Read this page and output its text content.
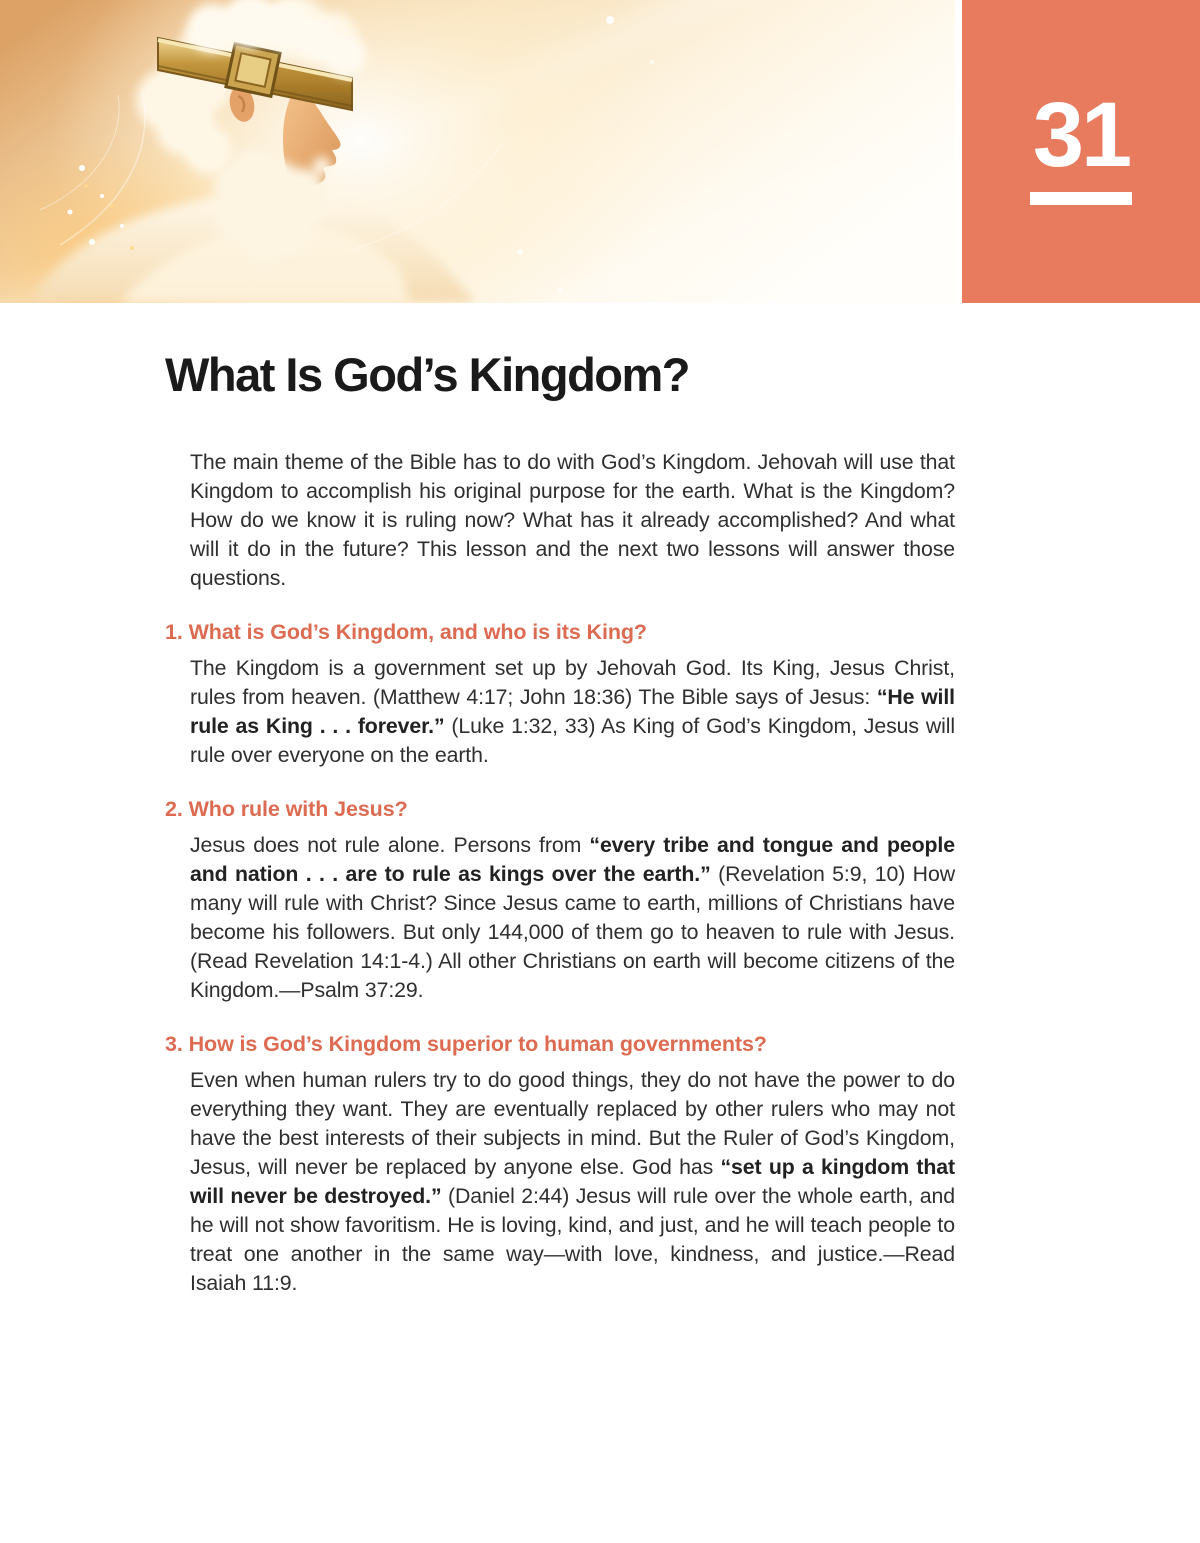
31
What Is God’s Kingdom?

The main theme of the Bible has to do with God’s Kingdom. Jehovah will use that Kingdom to accomplish his original purpose for the earth. What is the Kingdom? How do we know it is ruling now? What has it already accomplished? And what will it do in the future? This lesson and the next two lessons will answer those questions.

1. What is God’s Kingdom, and who is its King?

The Kingdom is a government set up by Jehovah God. Its King, Jesus Christ, rules from heaven. (Matthew 4:17; John 18:36) The Bible says of Jesus: “He will rule as King . . . forever.” (Luke 1:32, 33) As King of God’s Kingdom, Jesus will rule over everyone on the earth.

2. Who rule with Jesus?

Jesus does not rule alone. Persons from “every tribe and tongue and people and nation . . . are to rule as kings over the earth.” (Revelation 5:9, 10) How many will rule with Christ? Since Jesus came to earth, millions of Christians have become his followers. But only 144,000 of them go to heaven to rule with Jesus. (Read Revelation 14:1-4.) All other Christians on earth will become citizens of the Kingdom.—Psalm 37:29.

3. How is God’s Kingdom superior to human governments?

Even when human rulers try to do good things, they do not have the power to do everything they want. They are eventually replaced by other rulers who may not have the best interests of their subjects in mind. But the Ruler of God’s Kingdom, Jesus, will never be replaced by anyone else. God has “set up a kingdom that will never be destroyed.” (Daniel 2:44) Jesus will rule over the whole earth, and he will not show favoritism. He is loving, kind, and just, and he will teach people to treat one another in the same way—with love, kindness, and justice.—Read Isaiah 11:9.
